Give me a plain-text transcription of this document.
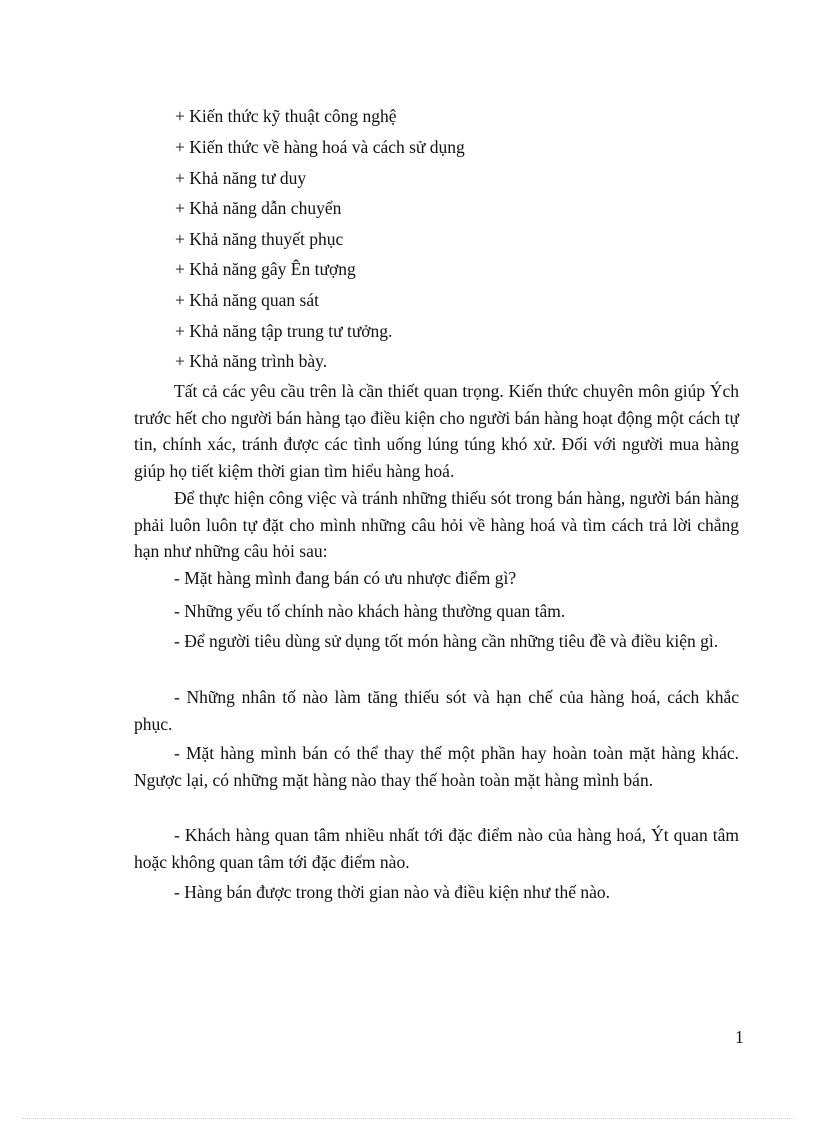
+ Kiến thức kỹ thuật công nghệ
+ Kiến thức về hàng hoá và cách sử dụng
+ Khả năng tư duy
+ Khả năng dẫn chuyển
+ Khả năng thuyết phục
+ Khả năng gây Ên tượng
+ Khả năng quan sát
+ Khả năng tập trung tư tưởng.
+ Khả năng trình bày.

Tất cả các yêu cầu trên là cần thiết quan trọng. Kiến thức chuyên môn giúp Ých trước hết cho người bán hàng tạo điều kiện cho người bán hàng hoạt động một cách tự tin, chính xác, tránh được các tình uống lúng túng khó xử. Đối với người mua hàng giúp họ tiết kiệm thời gian tìm hiểu hàng hoá.

Để thực hiện công việc và tránh những thiếu sót trong bán hàng, người bán hàng phải luôn luôn tự đặt cho mình những câu hỏi về hàng hoá và tìm cách trả lời chẳng hạn như những câu hỏi sau:

- Mặt hàng mình đang bán có ưu nhược điểm gì?

- Những yếu tố chính nào khách hàng thường quan tâm.

- Để người tiêu dùng sử dụng tốt món hàng cần những tiêu đề và điều kiện gì.

- Những nhân tố nào làm tăng thiếu sót và hạn chế của hàng hoá, cách khắc phục.

- Mặt hàng mình bán có thể thay thế một phần hay hoàn toàn mặt hàng khác. Ngược lại, có những mặt hàng nào thay thế hoàn toàn mặt hàng mình bán.

- Khách hàng quan tâm nhiều nhất tới đặc điểm nào của hàng hoá, Ýt quan tâm hoặc không quan tâm tới đặc điểm nào.

- Hàng bán được trong thời gian nào và điều kiện như thế nào.

1
